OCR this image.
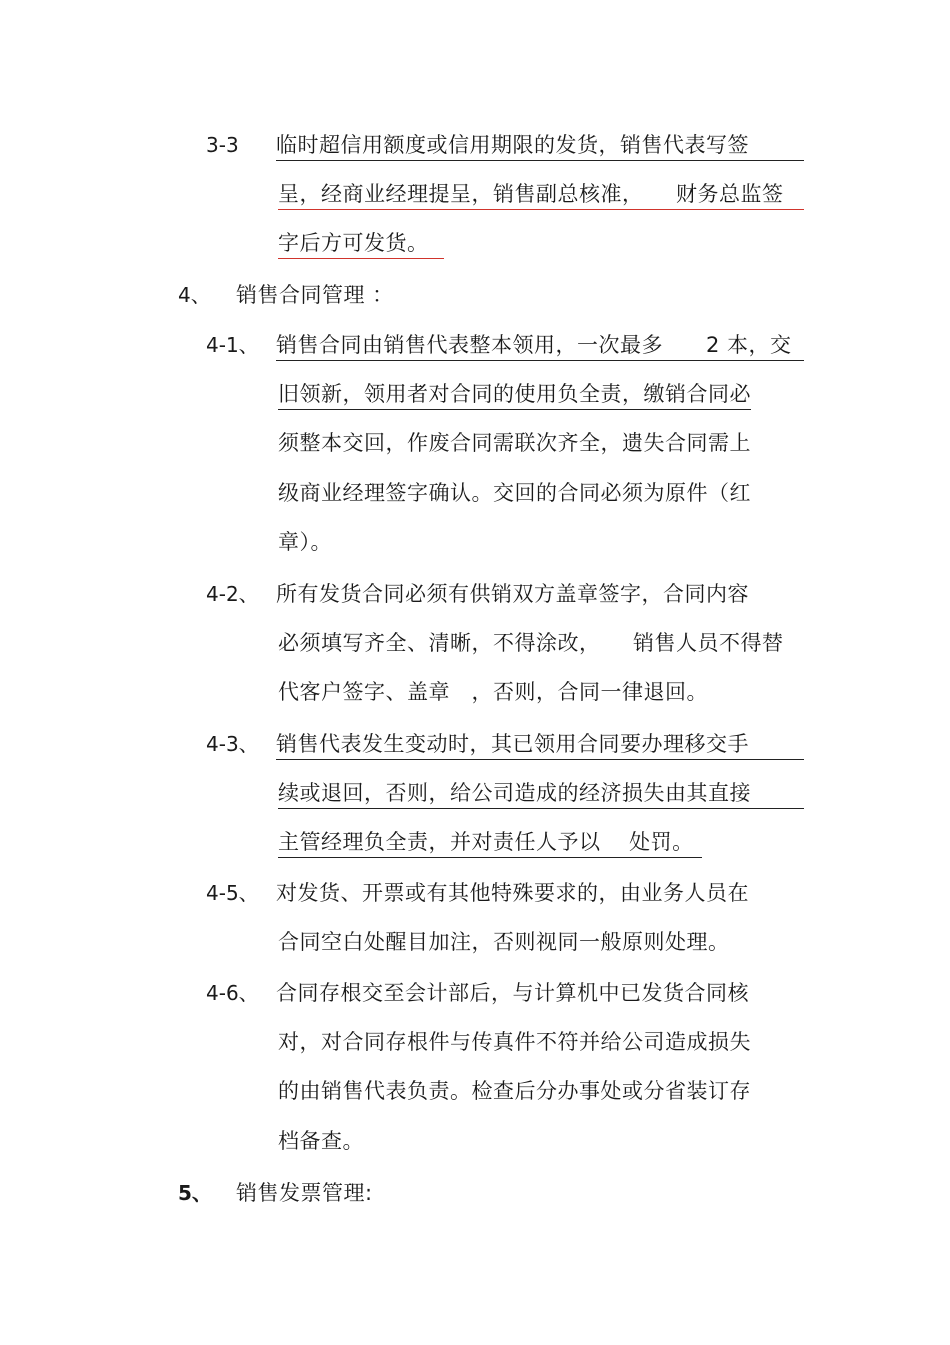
3-3 临时超信用额度或信用期限的发货，销售代表写签
呈，经商业经理提呈，销售副总核准，　　财务总监签
字后方可发货。
4、 销售合同管理 ：
4-1、 销售合同由销售代表整本领用，一次最多　　2 本，交
旧领新，领用者对合同的使用负全责，缴销合同必
须整本交回，作废合同需联次齐全，遗失合同需上
级商业经理签字确认。交回的合同必须为原件（红
章）。
4-2、 所有发货合同必须有供销双方盖章签字，合同内容
必须填写齐全、清晰，不得涂改，　　销售人员不得替
代客户签字、盖章　，否则，合同一律退回。
4-3、 销售代表发生变动时，其已领用合同要办理移交手
续或退回，否则，给公司造成的经济损失由其直接
主管经理负全责，并对责任人予以　 处罚。
4-5、 对发货、开票或有其他特殊要求的，由业务人员在
合同空白处醒目加注，否则视同一般原则处理。
4-6、 合同存根交至会计部后，与计算机中已发货合同核
对，对合同存根件与传真件不符并给公司造成损失
的由销售代表负责。检查后分办事处或分省装订存
档备查。
5、 销售发票管理:
